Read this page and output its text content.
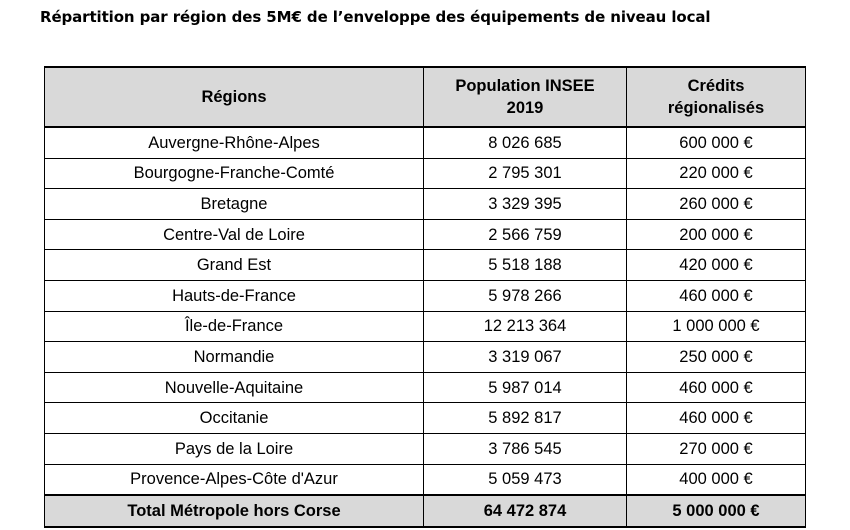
Répartition par région des 5M€ de l’enveloppe des équipements de niveau local
Régions	Population INSEE 2019	Crédits régionalisés
Auvergne-Rhône-Alpes	8 026 685	600 000 €
Bourgogne-Franche-Comté	2 795 301	220 000 €
Bretagne	3 329 395	260 000 €
Centre-Val de Loire	2 566 759	200 000 €
Grand Est	5 518 188	420 000 €
Hauts-de-France	5 978 266	460 000 €
Île-de-France	12 213 364	1 000 000 €
Normandie	3 319 067	250 000 €
Nouvelle-Aquitaine	5 987 014	460 000 €
Occitanie	5 892 817	460 000 €
Pays de la Loire	3 786 545	270 000 €
Provence-Alpes-Côte d'Azur	5 059 473	400 000 €
Total Métropole hors Corse	64 472 874	5 000 000 €
